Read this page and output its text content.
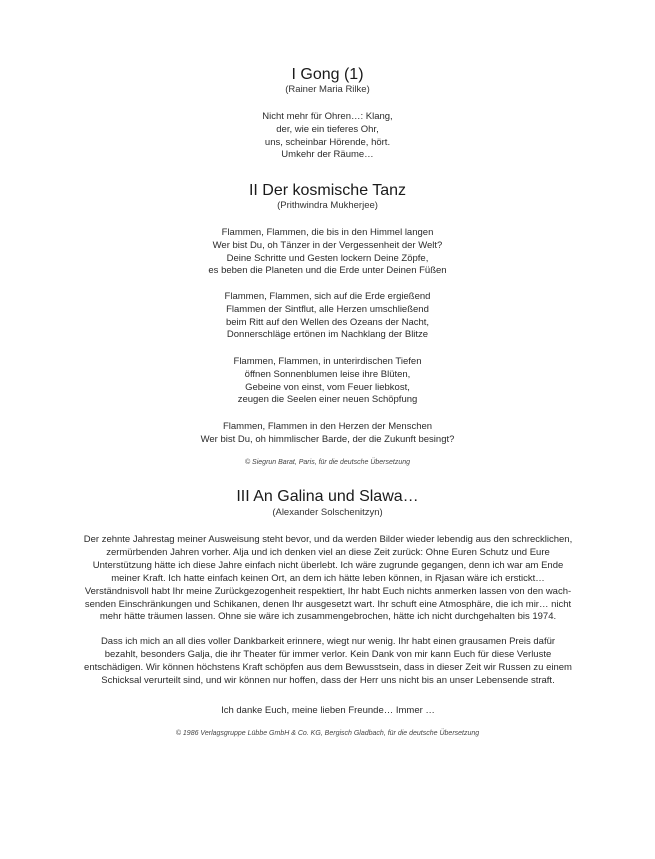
I Gong (1)
(Rainer Maria Rilke)
Nicht mehr für Ohren…: Klang,
der, wie ein tieferes Ohr,
uns, scheinbar Hörende, hört.
Umkehr der Räume…
II Der kosmische Tanz
(Prithwindra Mukherjee)
Flammen, Flammen, die bis in den Himmel langen
Wer bist Du, oh Tänzer in der Vergessenheit der Welt?
Deine Schritte und Gesten lockern Deine Zöpfe,
es beben die Planeten und die Erde unter Deinen Füßen
Flammen, Flammen, sich auf die Erde ergießend
Flammen der Sintflut, alle Herzen umschließend
beim Ritt auf den Wellen des Ozeans der Nacht,
Donnerschläge ertönen im Nachklang der Blitze
Flammen, Flammen, in unterirdischen Tiefen
öffnen Sonnenblumen leise ihre Blüten,
Gebeine von einst, vom Feuer liebkost,
zeugen die Seelen einer neuen Schöpfung
Flammen, Flammen in den Herzen der Menschen
Wer bist Du, oh himmlischer Barde, der die Zukunft besingt?
© Siegrun Barat, Paris, für die deutsche Übersetzung
III An Galina und Slawa…
(Alexander Solschenitzyn)
Der zehnte Jahrestag meiner Ausweisung steht bevor, und da werden Bilder wieder lebendig aus den schrecklichen,
zermürbenden Jahren vorher. Alja und ich denken viel an diese Zeit zurück: Ohne Euren Schutz und Eure
Unterstützung hätte ich diese Jahre einfach nicht überlebt. Ich wäre zugrunde gegangen, denn ich war am Ende
meiner Kraft. Ich hatte einfach keinen Ort, an dem ich hätte leben können, in Rjasan wäre ich erstickt…
Verständnisvoll habt Ihr meine Zurückgezogenheit respektiert, Ihr habt Euch nichts anmerken lassen von den wach-
senden Einschränkungen und Schikanen, denen Ihr ausgesetzt wart. Ihr schuft eine Atmosphäre, die ich mir… nicht
mehr hätte träumen lassen. Ohne sie wäre ich zusammengebrochen, hätte ich nicht durchgehalten bis 1974.
Dass ich mich an all dies voller Dankbarkeit erinnere, wiegt nur wenig. Ihr habt einen grausamen Preis dafür
bezahlt, besonders Galja, die ihr Theater für immer verlor. Kein Dank von mir kann Euch für diese Verluste
entschädigen. Wir können höchstens Kraft schöpfen aus dem Bewusstsein, dass in dieser Zeit wir Russen zu einem
Schicksal verurteilt sind, und wir können nur hoffen, dass der Herr uns nicht bis an unser Lebensende straft.
Ich danke Euch, meine lieben Freunde… Immer …
© 1986 Verlagsgruppe Lübbe GmbH & Co. KG, Bergisch Gladbach, für die deutsche Übersetzung
